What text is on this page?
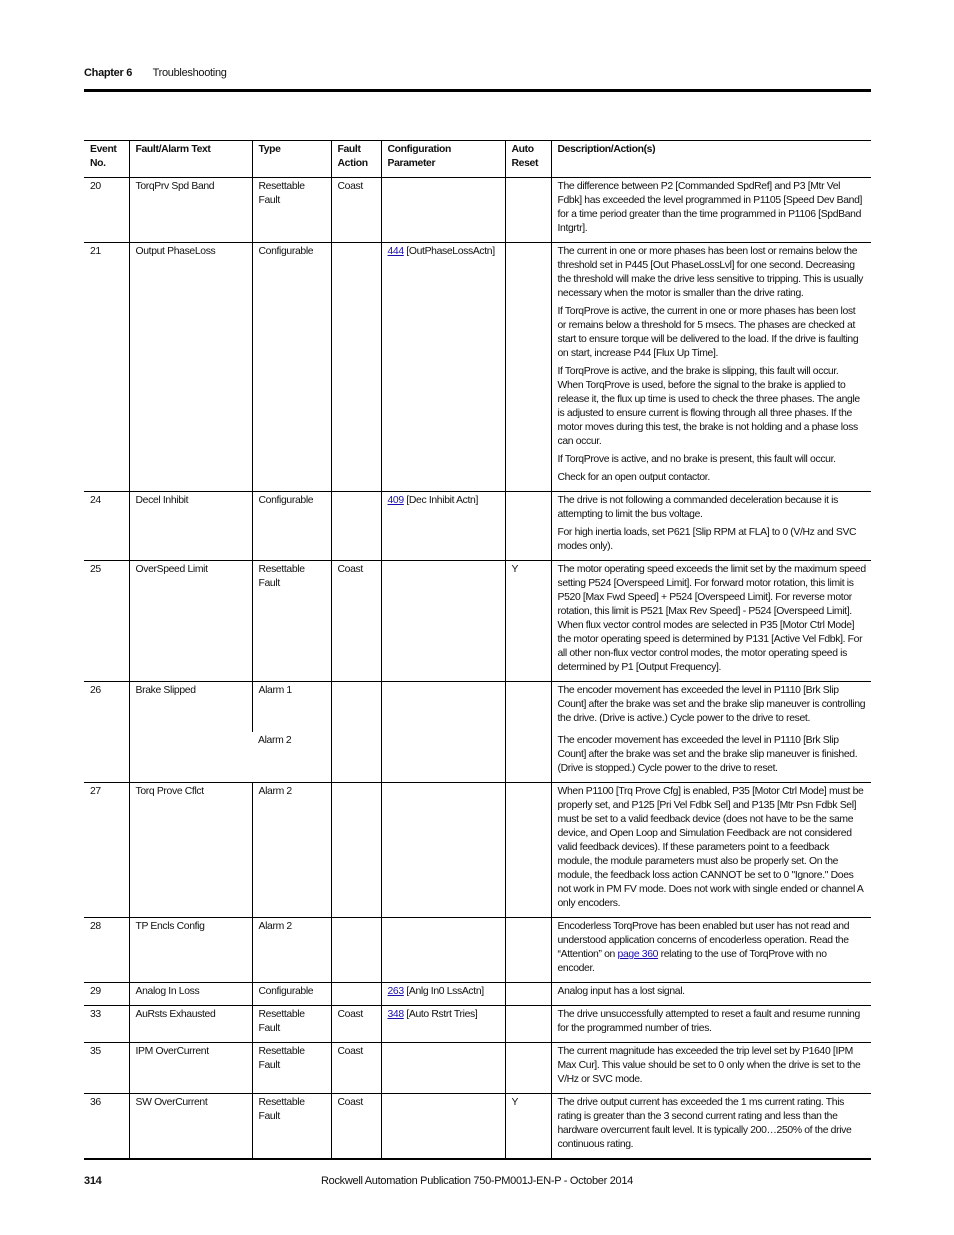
Chapter 6 Troubleshooting
Event No.	Fault/Alarm Text	Type	Fault Action	Configuration Parameter	Auto Reset	Description/Action(s)
20	TorqPrv Spd Band	Resettable Fault	Coast			The difference between P2 [Commanded SpdRef] and P3 [Mtr Vel Fdbk] has exceeded the level programmed in P1105 [Speed Dev Band] for a time period greater than the time programmed in P1106 [SpdBand Intgrtr].

21	Output PhaseLoss	Configurable		444 [OutPhaseLossActn]		The current in one or more phases has been lost or remains below the threshold set in P445 [Out PhaseLossLvl] for one second. Decreasing the threshold will make the drive less sensitive to tripping. This is usually necessary when the motor is smaller than the drive rating.

If TorqProve is active, the current in one or more phases has been lost or remains below a threshold for 5 msecs. The phases are checked at start to ensure torque will be delivered to the load. If the drive is faulting on start, increase P44 [Flux Up Time].

If TorqProve is active, and the brake is slipping, this fault will occur. When TorqProve is used, before the signal to the brake is applied to release it, the flux up time is used to check the three phases. The angle is adjusted to ensure current is flowing through all three phases. If the motor moves during this test, the brake is not holding and a phase loss can occur.

If TorqProve is active, and no brake is present, this fault will occur.

Check for an open output contactor.

24	Decel Inhibit	Configurable		409 [Dec Inhibit Actn]		The drive is not following a commanded deceleration because it is attempting to limit the bus voltage.

For high inertia loads, set P621 [Slip RPM at FLA] to 0 (V/Hz and SVC modes only).

25	OverSpeed Limit	Resettable Fault	Coast		Y	The motor operating speed exceeds the limit set by the maximum speed setting P524 [Overspeed Limit]. For forward motor rotation, this limit is P520 [Max Fwd Speed] + P524 [Overspeed Limit]. For reverse motor rotation, this limit is P521 [Max Rev Speed] - P524 [Overspeed Limit]. When flux vector control modes are selected in P35 [Motor Ctrl Mode] the motor operating speed is determined by P131 [Active Vel Fdbk]. For all other non-flux vector control modes, the motor operating speed is determined by P1 [Output Frequency].

26	Brake Slipped	Alarm 1				The encoder movement has exceeded the level in P1110 [Brk Slip Count] after the brake was set and the brake slip maneuver is controlling the drive. (Drive is active.) Cycle power to the drive to reset.

		Alarm 2				The encoder movement has exceeded the level in P1110 [Brk Slip Count] after the brake was set and the brake slip maneuver is finished. (Drive is stopped.) Cycle power to the drive to reset.

27	Torq Prove Cflct	Alarm 2				When P1100 [Trq Prove Cfg] is enabled, P35 [Motor Ctrl Mode] must be properly set, and P125 [Pri Vel Fdbk Sel] and P135 [Mtr Psn Fdbk Sel] must be set to a valid feedback device (does not have to be the same device, and Open Loop and Simulation Feedback are not considered valid feedback devices). If these parameters point to a feedback module, the module parameters must also be properly set. On the module, the feedback loss action CANNOT be set to 0 "Ignore." Does not work in PM FV mode. Does not work with single ended or channel A only encoders.

28	TP Encls Config	Alarm 2				Encoderless TorqProve has been enabled but user has not read and understood application concerns of encoderless operation. Read the “Attention” on page 360 relating to the use of TorqProve with no encoder.

29	Analog In Loss	Configurable		263 [Anlg In0 LssActn]		Analog input has a lost signal.

33	AuRsts Exhausted	Resettable Fault	Coast	348 [Auto Rstrt Tries]		The drive unsuccessfully attempted to reset a fault and resume running for the programmed number of tries.

35	IPM OverCurrent	Resettable Fault	Coast			The current magnitude has exceeded the trip level set by P1640 [IPM Max Cur]. This value should be set to 0 only when the drive is set to the V/Hz or SVC mode.

36	SW OverCurrent	Resettable Fault	Coast		Y	The drive output current has exceeded the 1 ms current rating. This rating is greater than the 3 second current rating and less than the hardware overcurrent fault level. It is typically 200…250% of the drive continuous rating.

314	Rockwell Automation Publication 750-PM001J-EN-P - October 2014
